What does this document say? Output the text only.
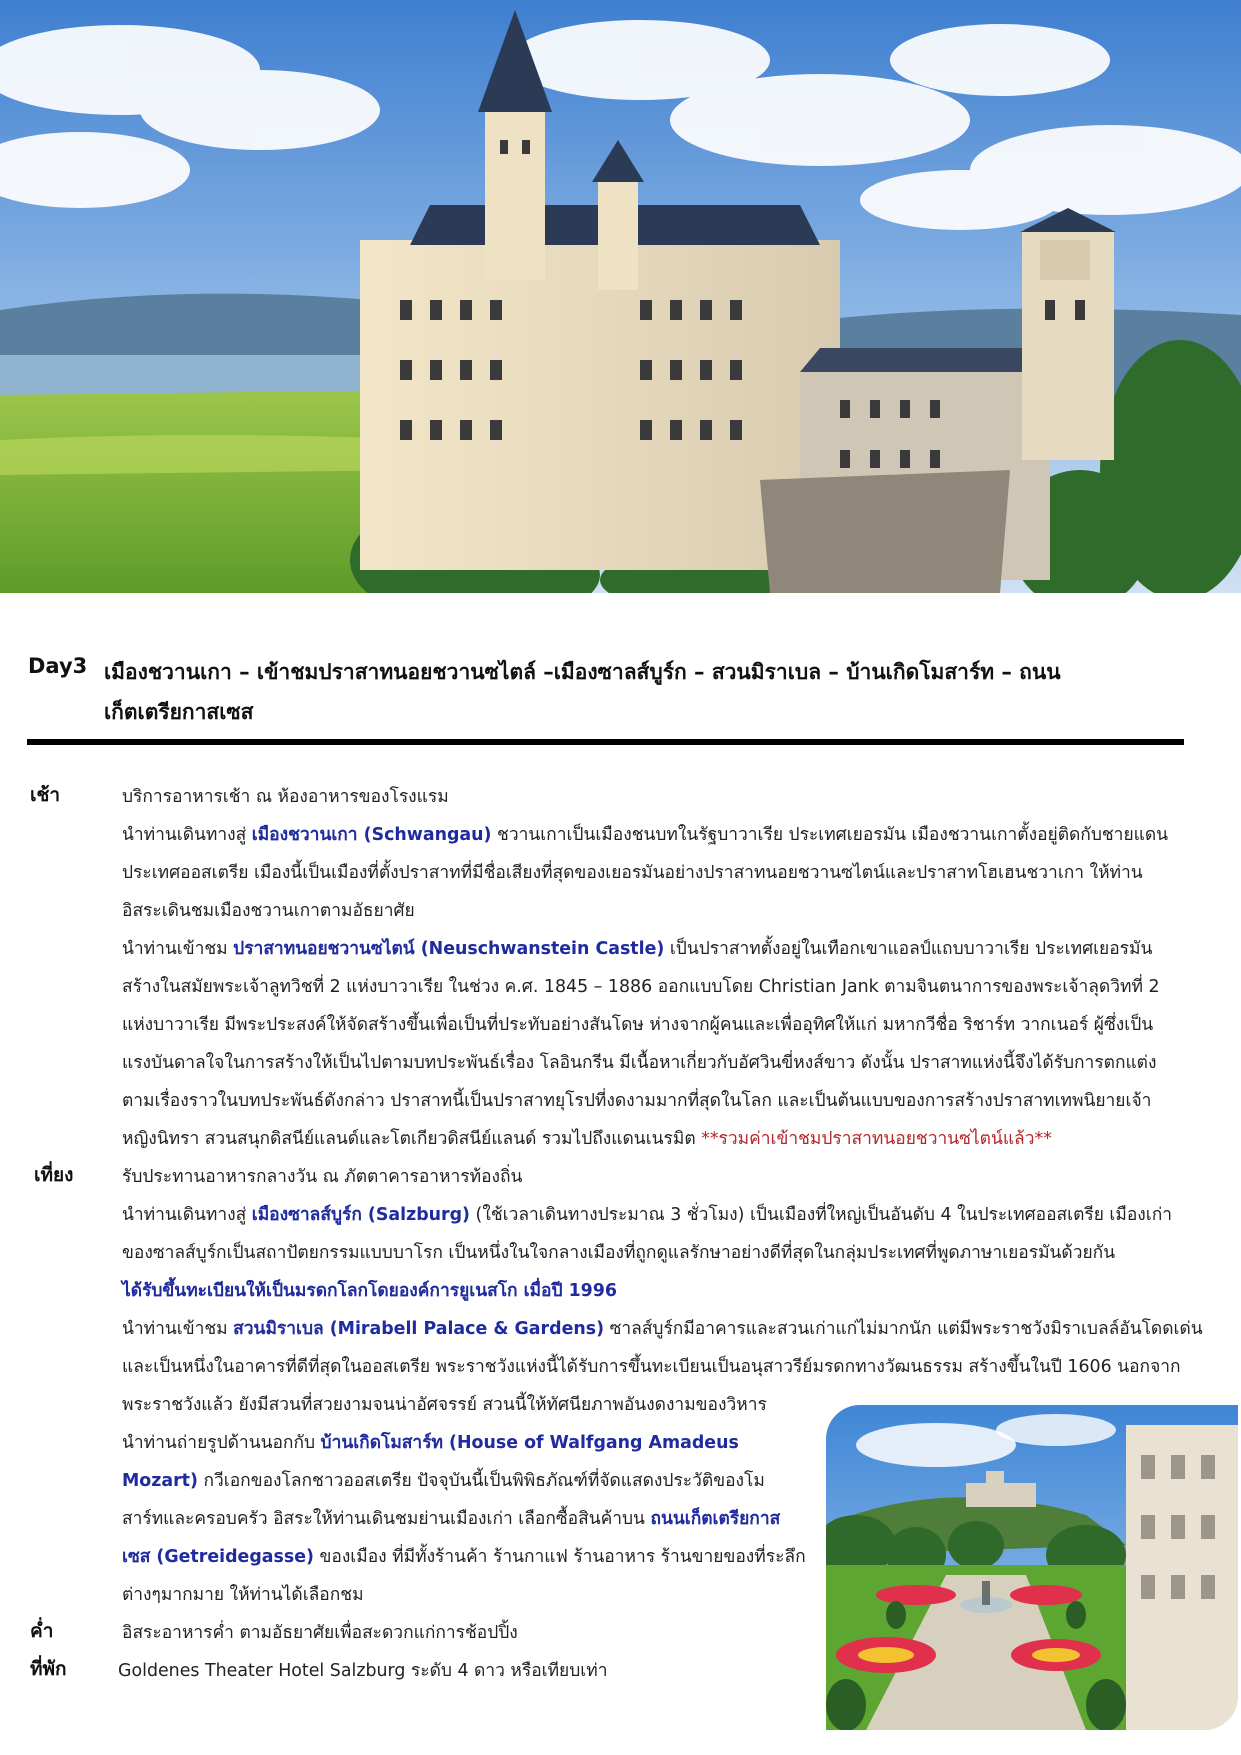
Day3 เมืองชวานเกา – เข้าชมปราสาทนอยชวานซไตล์ –เมืองซาลส์บูร์ก – สวนมิราเบล – บ้านเกิดโมสาร์ท – ถนน
เก็ตเตรียกาสเซส
เช้า	บริการอาหารเช้า ณ ห้องอาหารของโรงแรม
นำท่านเดินทางสู่ เมืองชวานเกา (Schwangau) ชวานเกาเป็นเมืองชนบทในรัฐบาวาเรีย ประเทศเยอรมัน เมืองชวานเกาตั้งอยู่ติดกับชายแดน
ประเทศออสเตรีย เมืองนี้เป็นเมืองที่ตั้งปราสาทที่มีชื่อเสียงที่สุดของเยอรมันอย่างปราสาทนอยชวานซไตน์และปราสาทโฮเฮนชวาเกา ให้ท่าน
อิสระเดินชมเมืองชวานเกาตามอัธยาศัย
นำท่านเข้าชม ปราสาทนอยชวานซไตน์ (Neuschwanstein Castle) เป็นปราสาทตั้งอยู่ในเทือกเขาแอลป์แถบบาวาเรีย ประเทศเยอรมัน
สร้างในสมัยพระเจ้าลูทวิชที่ 2 แห่งบาวาเรีย ในช่วง ค.ศ. 1845 – 1886 ออกแบบโดย Christian Jank ตามจินตนาการของพระเจ้าลุดวิทที่ 2
แห่งบาวาเรีย มีพระประสงค์ให้จัดสร้างขึ้นเพื่อเป็นที่ประทับอย่างสันโดษ ห่างจากผู้คนและเพื่ออุทิศให้แก่ มหากวีชื่อ ริชาร์ท วากเนอร์ ผู้ซึ่งเป็น
แรงบันดาลใจในการสร้างให้เป็นไปตามบทประพันธ์เรื่อง โลอินกรีน มีเนื้อหาเกี่ยวกับอัศวินขี่หงส์ขาว ดังนั้น ปราสาทแห่งนี้จึงได้รับการตกแต่ง
ตามเรื่องราวในบทประพันธ์ดังกล่าว ปราสาทนี้เป็นปราสาทยุโรปที่งดงามมากที่สุดในโลก และเป็นต้นแบบของการสร้างปราสาทเทพนิยายเจ้า
หญิงนิทรา สวนสนุกดิสนีย์แลนด์และโตเกียวดิสนีย์แลนด์ รวมไปถึงแดนเนรมิต **รวมค่าเข้าชมปราสาทนอยชวานซไตน์แล้ว**
เที่ยง	รับประทานอาหารกลางวัน ณ ภัตตาคารอาหารท้องถิ่น
นำท่านเดินทางสู่ เมืองซาลส์บูร์ก (Salzburg) (ใช้เวลาเดินทางประมาณ 3 ชั่วโมง) เป็นเมืองที่ใหญ่เป็นอันดับ 4 ในประเทศออสเตรีย เมืองเก่า
ของซาลส์บูร์กเป็นสถาปัตยกรรมแบบบาโรก เป็นหนึ่งในใจกลางเมืองที่ถูกดูแลรักษาอย่างดีที่สุดในกลุ่มประเทศที่พูดภาษาเยอรมันด้วยกัน
ได้รับขึ้นทะเบียนให้เป็นมรดกโลกโดยองค์การยูเนสโก เมื่อปี 1996
นำท่านเข้าชม สวนมิราเบล (Mirabell Palace & Gardens) ซาลส์บูร์กมีอาคารและสวนเก่าแก่ไม่มากนัก แต่มีพระราชวังมิราเบลล์อันโดดเด่น
และเป็นหนึ่งในอาคารที่ดีที่สุดในออสเตรีย พระราชวังแห่งนี้ได้รับการขึ้นทะเบียนเป็นอนุสาวรีย์มรดกทางวัฒนธรรม สร้างขึ้นในปี 1606 นอกจาก
พระราชวังแล้ว ยังมีสวนที่สวยงามจนน่าอัศจรรย์ สวนนี้ให้ทัศนียภาพอันงดงามของวิหาร
นำท่านถ่ายรูปด้านนอกกับ บ้านเกิดโมสาร์ท (House of Walfgang Amadeus
Mozart) กวีเอกของโลกชาวออสเตรีย ปัจจุบันนี้เป็นพิพิธภัณฑ์ที่จัดแสดงประวัติของโม
สาร์ทและครอบครัว อิสระให้ท่านเดินชมย่านเมืองเก่า เลือกซื้อสินค้าบน ถนนเก็ตเตรียกาส
เซส (Getreidegasse) ของเมือง ที่มีทั้งร้านค้า ร้านกาแฟ ร้านอาหาร ร้านขายของที่ระลึก
ต่างๆมากมาย ให้ท่านได้เลือกชม
ค่ำ	อิสระอาหารค่ำ ตามอัธยาศัยเพื่อสะดวกแก่การช้อปปิ้ง
ที่พัก	Goldenes Theater Hotel Salzburg ระดับ 4 ดาว หรือเทียบเท่า
